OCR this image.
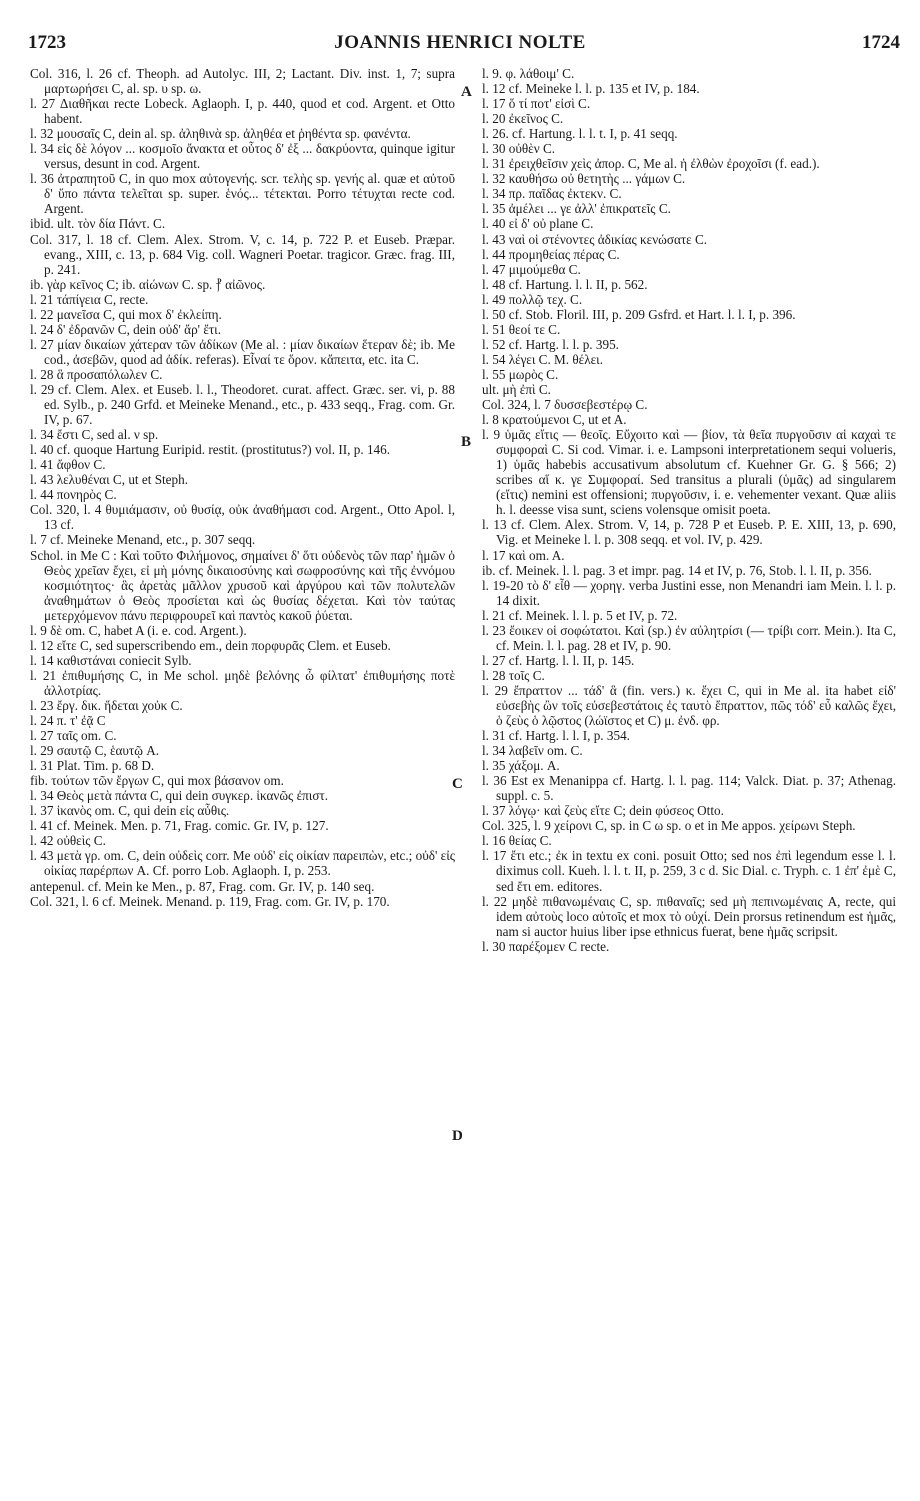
1723	JOANNIS HENRICI NOLTE	1724
A
B
C
D

Col. 316, l. 26 cf. Theoph. ad Autolyc. III, 2; Lactant. Div. inst. 1, 7; supra μαρτωρήσει C, al. sp. υ sp. ω.

l. 27 Διαθῆκαι recte Lobeck. Aglaoph. I, p. 440, quod et cod. Argent. et Otto habent.

l. 32 μουσαῖς C, dein al. sp. ἀληθινὰ sp. ἀληθέα et ῥηθέντα sp. φανέντα.

l. 34 εἰς δὲ λόγον ... κοσμοῖο ἄνακτα et οὗτος δ' ἐξ ... δακρύοντα, quinque igitur versus, desunt in cod. Argent.

l. 36 ἀτραπητοῦ C, in quo mox αὐτογενής. scr. τελὴς sp. γενής al. quæ et αὐτοῦ δ' ὕπο πάντα τελεῖται sp. super. ἑνός... τέτεκται. Porro τέτυχται recte cod. Argent.

ibid. ult. τὸν δία Πάντ. C.

Col. 317, l. 18 cf. Clem. Alex. Strom. V, c. 14, p. 722 P. et Euseb. Præpar. evang., XIII, c. 13, p. 684 Vig. coll. Wagneri Poetar. tragicor. Græc. frag. III, p. 241.

ib. γὰρ κεῖνος C; ib. αἰώνων C. sp. ⳨ αἰῶνος.

l. 21 τάπίγεια C, recte.

l. 22 μανεῖσα C, qui mox δ' ἐκλείπη.

l. 24 δ' ἐδρανῶν C, dein οὐδ' ἄρ' ἔτι.

l. 27 μίαν δικαίων χάτεραν τῶν ἀδίκων (Me al. : μίαν δικαίων ἕτεραν δὲ; ib. Me cod., ἀσεβῶν, quod ad ἀδίκ. referas). Εἶναί τε ὅρον. κἄπειτα, etc. ita C.

l. 28 ἃ προσαπόλωλεν C.

l. 29 cf. Clem. Alex. et Euseb. l. l., Theodoret. curat. affect. Græc. ser. vi, p. 88 ed. Sylb., p. 240 Grfd. et Meineke Menand., etc., p. 433 seqq., Frag. com. Gr. IV, p. 67.

l. 34 ἔστι C, sed al. ν sp.

l. 40 cf. quoque Hartung Euripid. restit. (prostitutus?) vol. II, p. 146.

l. 41 ἄφθον C.

l. 43 λελυθέναι C, ut et Steph.

l. 44 πονηρὸς C.

Col. 320, l. 4 θυμιάμασιν, οὐ θυσίᾳ, οὐκ ἀναθήμασι cod. Argent., Otto Apol. l, 13 cf.

l. 7 cf. Meineke Menand, etc., p. 307 seqq.

Schol. in Me C : Καὶ τοῦτο Φιλήμονος, σημαίνει δ' ὅτι οὐδενὸς τῶν παρ' ἡμῶν ὁ Θεὸς χρεῖαν ἔχει, εἰ μὴ μόνης δικαιοσύνης καὶ σωφροσύνης καὶ τῆς ἐννόμου κοσμιότητος· ἃς ἀρετὰς μᾶλλον χρυσοῦ καὶ ἀργύρου καὶ τῶν πολυτελῶν ἀναθημάτων ὁ Θεὸς προσίεται καὶ ὡς θυσίας δέχεται. Καὶ τὸν ταύτας μετερχόμενον πάνυ περιφρουρεῖ καὶ παντὸς κακοῦ ῥύεται.

l. 9 δὲ om. C, habet A (i. e. cod. Argent.).

l. 12 εἴτε C, sed superscribendo em., dein πορφυρᾶς Clem. et Euseb.

l. 14 καθιστάναι coniecit Sylb.

l. 21 ἐπιθυμήσης C, in Me schol. μηδὲ βελόνης ὦ φίλτατ' ἐπιθυμήσης ποτὲ ἀλλοτρίας.

l. 23 ἔργ. δικ. ἥδεται χοὐκ C.

l. 24 π. τ' ἐᾷ C

l. 27 ταῖς om. C.

l. 29 σαυτῷ C, ἑαυτῷ A.

l. 31 Plat. Tim. p. 68 D.

fib. τούτων τῶν ἔργων C, qui mox βάσανον om.

l. 34 Θεὸς μετὰ πάντα C, qui dein συγκερ. ἱκανῶς ἐπιστ.

l. 37 ἱκανὸς om. C, qui dein εἰς αὖθις.

l. 41 cf. Meinek. Men. p. 71, Frag. comic. Gr. IV, p. 127.

l. 42 οὐθεὶς C.

l. 43 μετὰ γρ. om. C, dein οὐδεὶς corr. Me οὐδ' εἰς οἰκίαν παρειπὼν, etc.; οὐδ' εἰς οἰκίας παρέρπων A. Cf. porro Lob. Aglaoph. I, p. 253.

antepenul. cf. Mein ke Men., p. 87, Frag. com. Gr. IV, p. 140 seq.

Col. 321, l. 6 cf. Meinek. Menand. p. 119, Frag. com. Gr. IV, p. 170.

l. 9. φ. λάθοιμ' C.

l. 12 cf. Meineke l. l. p. 135 et IV, p. 184.

l. 17 ὅ τί ποτ' εἰσὶ C.

l. 20 ἐκεῖνος C.

l. 26. cf. Hartung. l. l. t. I, p. 41 seqq.

l. 30 οὐθὲν C.

l. 31 ἐρειχθεῖσιν χεὶς ἀπορ. C, Me al. ἡ ἐλθὼν ἐροχοῖσι (f. ead.).

l. 32 καυθήσω οὐ θετητὴς ... γάμων C.

l. 34 πρ. παῖδας ἐκτεκν. C.

l. 35 ἀμέλει ... γε ἀλλ' ἐπικρατεῖς C.

l. 40 εἰ δ' οὐ plane C.

l. 43 ναὶ οἱ στένοντες ἀδικίας κενώσατε C.

l. 44 προμηθείας πέρας C.

l. 47 μιμούμεθα C.

l. 48 cf. Hartung. l. l. II, p. 562.

l. 49 πολλῷ τεχ. C.

l. 50 cf. Stob. Floril. III, p. 209 Gsfrd. et Hart. l. l. I, p. 396.

l. 51 θεοί τε C.

l. 52 cf. Hartg. l. l. p. 395.

l. 54 λέγει C. M. θέλει.

l. 55 μωρὸς C.

ult. μὴ ἐπὶ C.

Col. 324, l. 7 δυσσεβεστέρῳ C.

l. 8 κρατούμενοι C, ut et A.

l. 9 ὑμᾶς εἴτις — θεοῖς. Εὔχοιτο καὶ — βίον, τὰ θεῖα πυργοῦσιν αἱ καχαὶ τε συμφοραὶ C. Si cod. Vimar. i. e. Lampsoni interpretationem sequi volueris, 1) ὑμᾶς habebis accusativum absolutum cf. Kuehner Gr. G. § 566; 2) scribes αἵ κ. γε Συμφοραί. Sed transitus a plurali (ὑμᾶς) ad singularem (εἴτις) nemini est offensioni; πυργοῦσιν, i. e. vehementer vexant. Quæ aliis h. l. deesse visa sunt, sciens volensque omisit poeta.

l. 13 cf. Clem. Alex. Strom. V, 14, p. 728 P et Euseb. P. E. XIII, 13, p. 690, Vig. et Meineke l. l. p. 308 seqq. et vol. IV, p. 429.

l. 17 καὶ om. A.

ib. cf. Meinek. l. l. pag. 3 et impr. pag. 14 et IV, p. 76, Stob. l. l. II, p. 356.

l. 19-20 τὸ δ' εἶθ — χορηγ. verba Justini esse, non Menandri iam Mein. l. l. p. 14 dixit.

l. 21 cf. Meinek. l. l. p. 5 et IV, p. 72.

l. 23 ἔοικεν οἱ σοφώτατοι. Καὶ (sp.) ἐν αὐλητρίσι (— τρίβι corr. Mein.). Ita C, cf. Mein. l. l. pag. 28 et IV, p. 90.

l. 27 cf. Hartg. l. l. II, p. 145.

l. 28 τοῖς C.

l. 29 ἔπραττον ... τάδ' ἃ (fin. vers.) κ. ἔχει C, qui in Me al. ita habet εἰδ' εὐσεβὴς ὢν τοῖς εὐσεβεστάτοις ἐς ταυτὸ ἔπραττον, πῶς τόδ' εὖ καλῶς ἔχει, ὁ ζεὺς ὁ λῷστος (λώϊστος et C) μ. ἐνδ. φρ.

l. 31 cf. Hartg. l. l. I, p. 354.

l. 34 λαβεῖν om. C.

l. 35 χάξομ. A.

l. 36 Est ex Menanippa cf. Hartg. l. l. pag. 114; Valck. Diat. p. 37; Athenag. suppl. c. 5.

l. 37 λόγῳ· καὶ ζεὺς εἴτε C; dein φύσεος Otto.

Col. 325, l. 9 χείρονι C, sp. in C ω sp. ο et in Me appos. χείρωνι Steph.

l. 16 θείας C.

l. 17 ἔτι etc.; ἐκ in textu ex coni. posuit Otto; sed nos ἐπὶ legendum esse l. l. diximus coll. Kueh. l. l. t. II, p. 259, 3 c d. Sic Dial. c. Tryph. c. 1 ἐπ' ἐμὲ C, sed ἔτι em. editores.

l. 22 μηδὲ πιθανωμέναις C, sp. πιθαναῖς; sed μὴ πεπινωμέναις A, recte, qui idem αὐτοὺς loco αὐτοῖς et mox τὸ οὐχί. Dein prorsus retinendum est ἡμᾶς, nam si auctor huius liber ipse ethnicus fuerat, bene ἡμᾶς scripsit.

l. 30 παρέξομεν C recte.
